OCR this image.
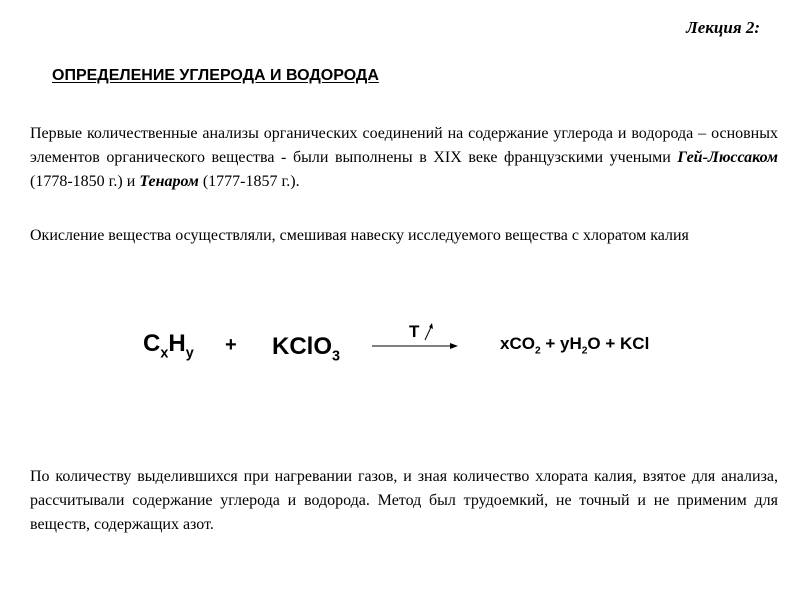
Лекция 2:
ОПРЕДЕЛЕНИЕ УГЛЕРОДА И ВОДОРОДА
Первые количественные анализы органических соединений на содержание углерода и водорода – основных элементов органического вещества - были выполнены в XIX веке французскими учеными Гей-Люссаком (1778-1850 г.) и Тенаром (1777-1857 г.).
Окисление вещества осуществляли, смешивая навеску исследуемого вещества с хлоратом калия
$C_xH_y$ + KClO$_3$
T
$xCO_2 + yH_2O$ + KCl
По количеству выделившихся при нагревании газов, и зная количество хлората калия, взятое для анализа, рассчитывали содержание углерода и водорода. Метод был трудоемкий, не точный и не применим для веществ, содержащих азот.
